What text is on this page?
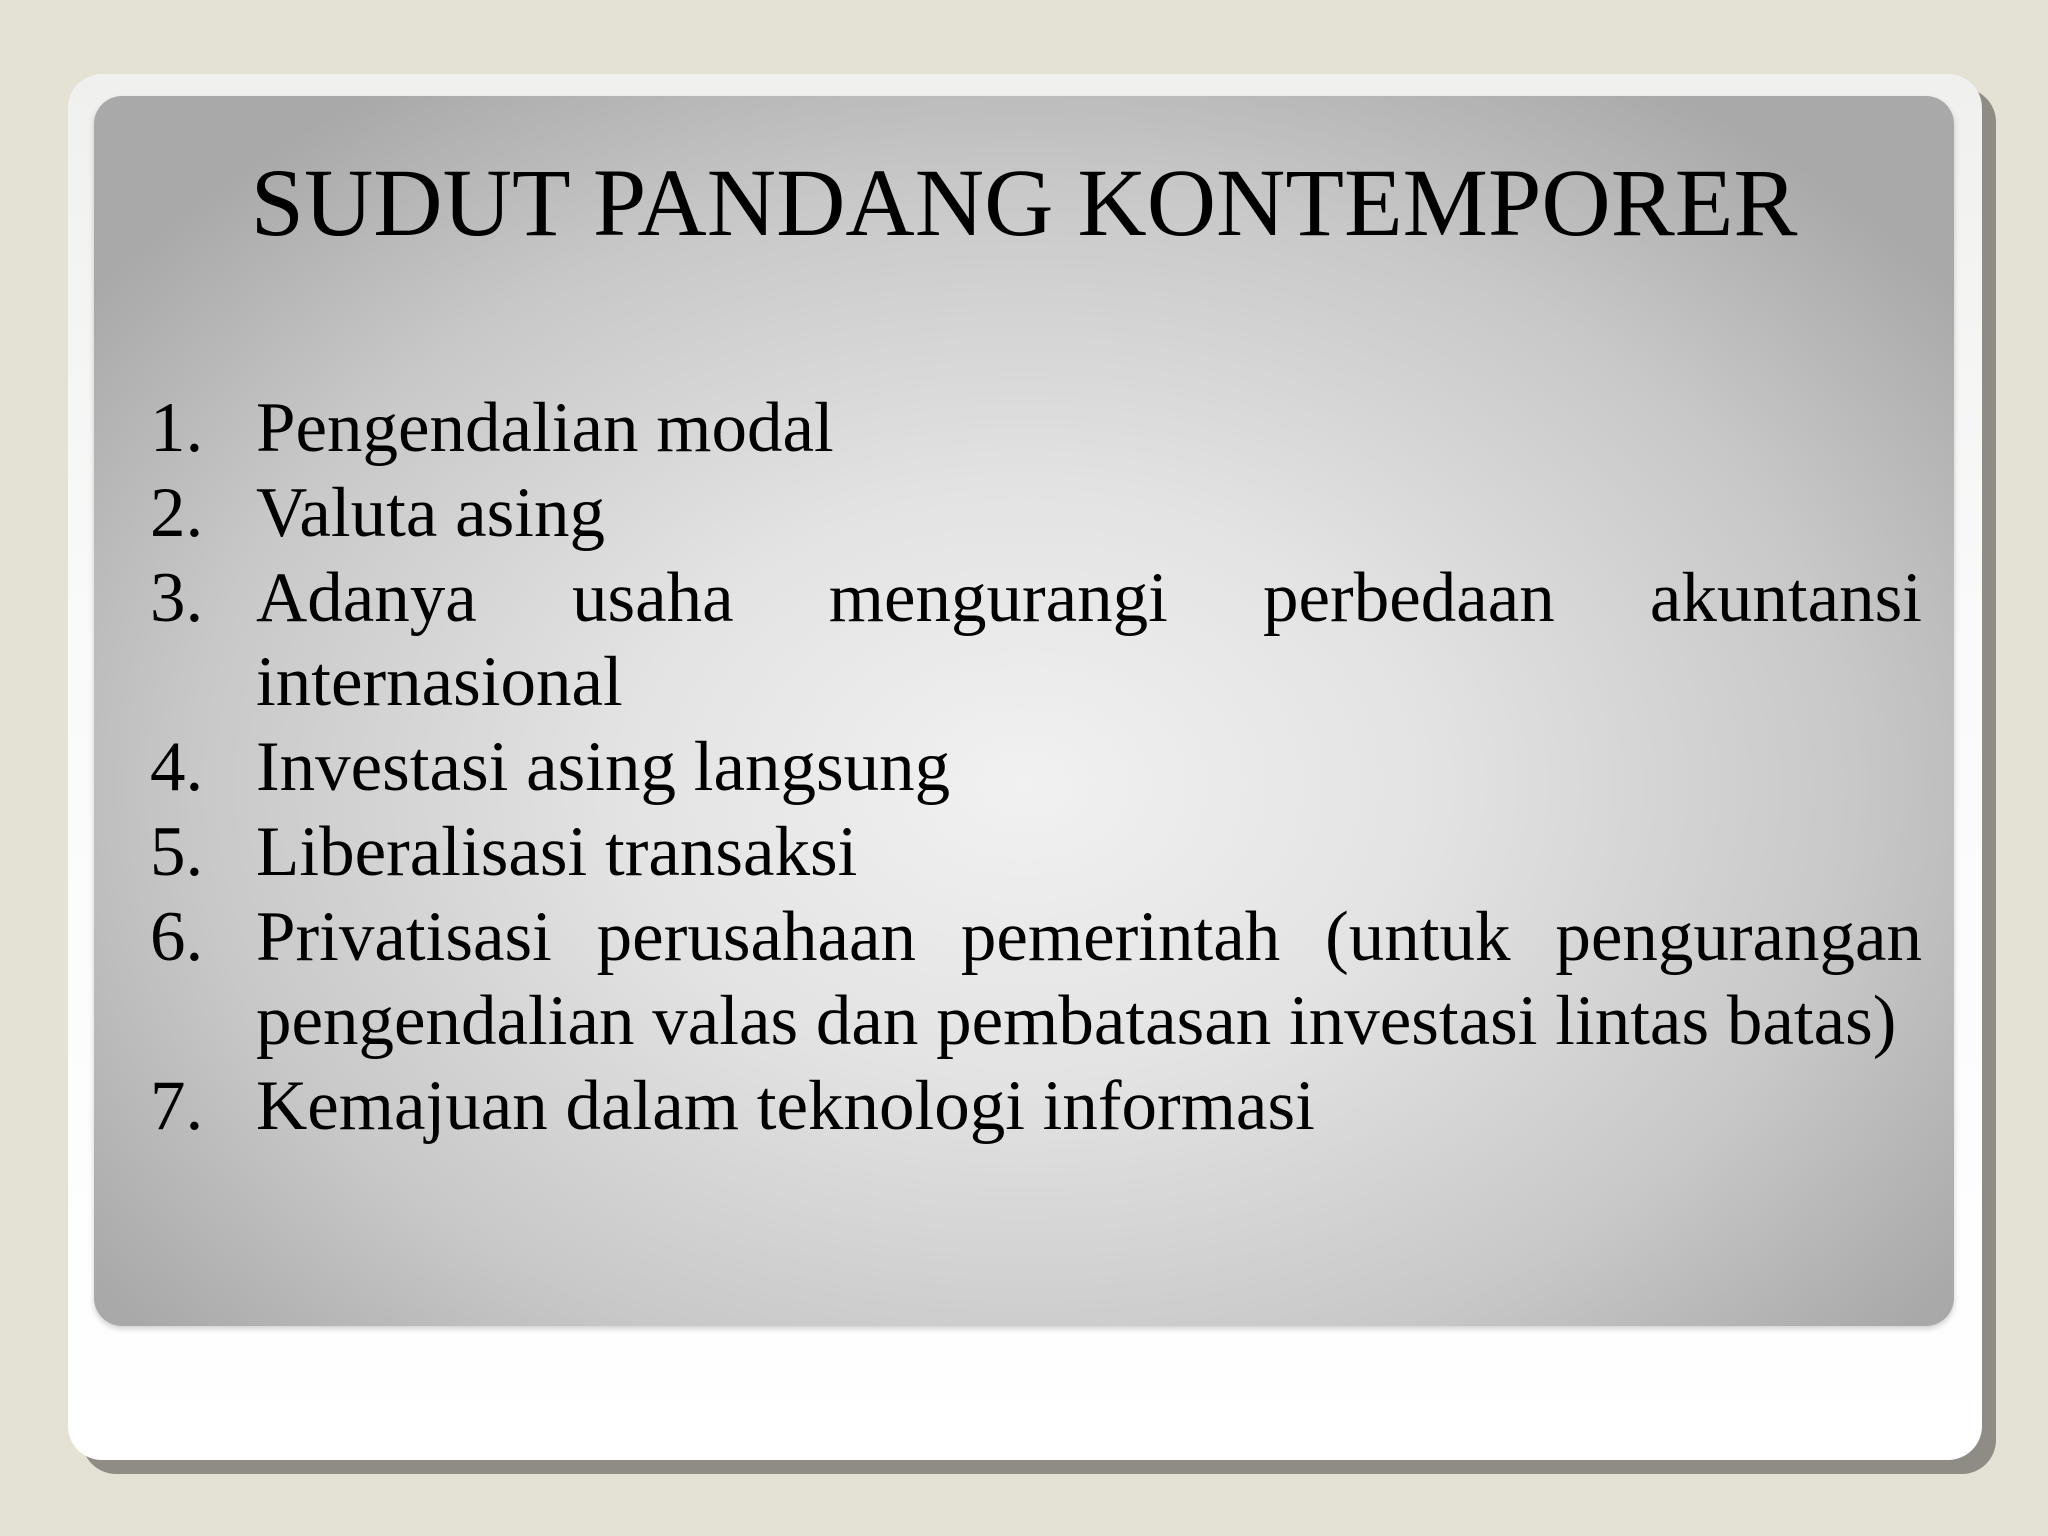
SUDUT PANDANG KONTEMPORER
1. Pengendalian modal
2. Valuta asing
3. Adanya usaha mengurangi perbedaan akuntansi internasional
4. Investasi asing langsung
5. Liberalisasi transaksi
6. Privatisasi perusahaan pemerintah (untuk pengurangan pengendalian valas dan pembatasan investasi lintas batas)
7. Kemajuan dalam teknologi informasi
